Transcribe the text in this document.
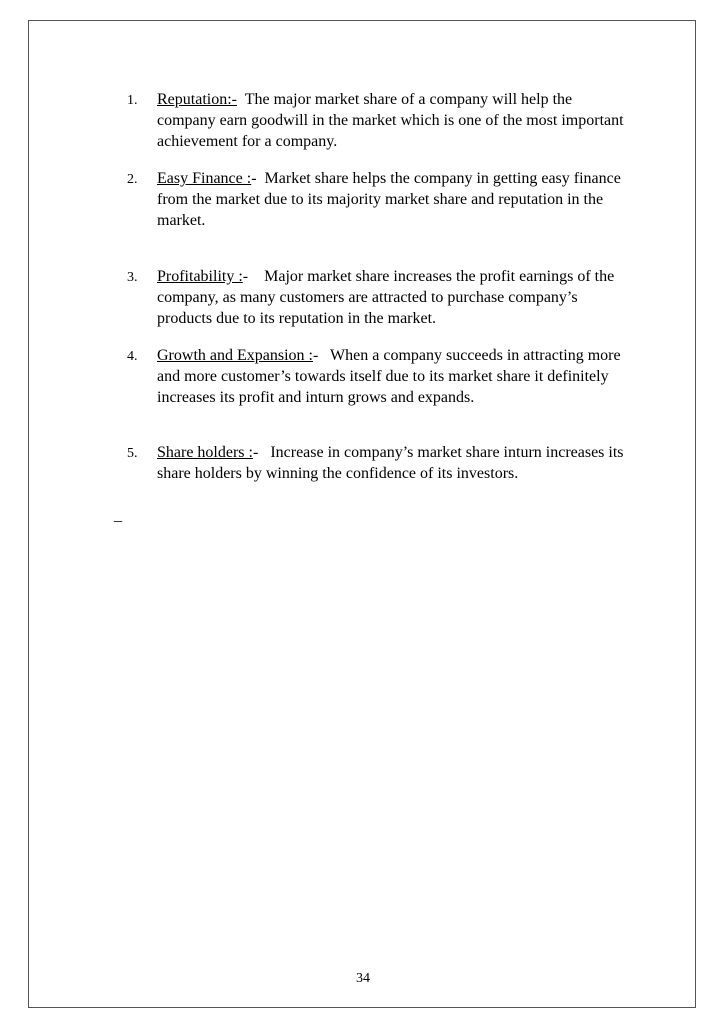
1. Reputation:- The major market share of a company will help the company earn goodwill in the market which is one of the most important achievement for a company.
2. Easy Finance :-  Market share helps the company in getting easy finance from the market due to its majority market share and reputation in the market.
3. Profitability :-    Major market share increases the profit earnings of the company, as many customers are attracted to purchase company’s products due to its reputation in the market.
4. Growth and Expansion :-   When a company succeeds in attracting more and more customer’s towards itself due to its market share it definitely increases its profit and inturn grows and expands.
5. Share holders :-   Increase in company’s market share inturn increases its share holders by winning the confidence of its investors.
_
34
